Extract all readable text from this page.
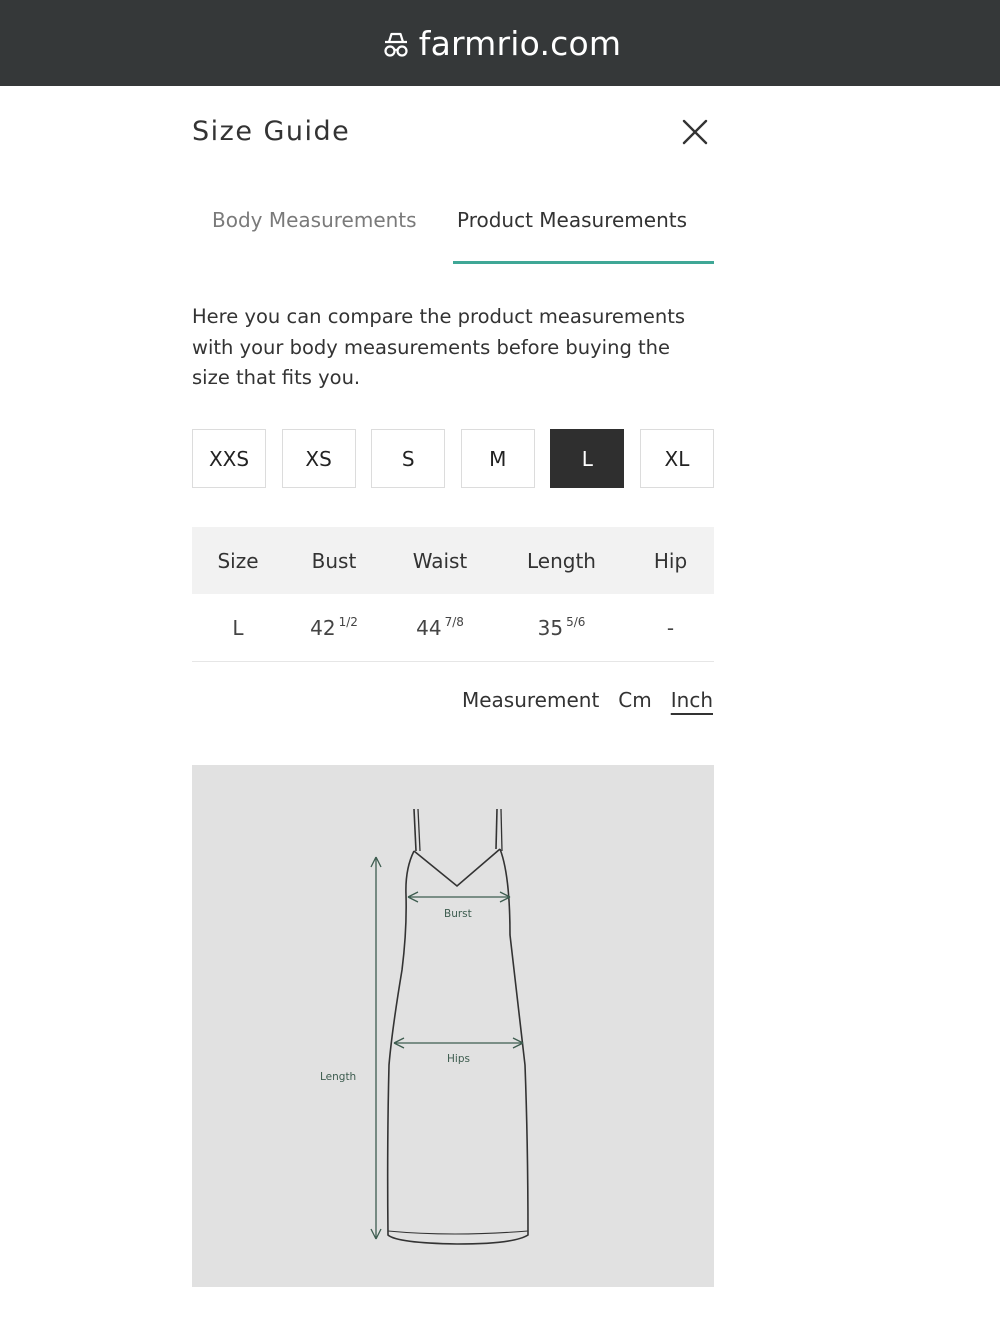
farmrio.com
Size Guide
Body Measurements Product Measurements
Here you can compare the product measurements with your body measurements before buying the size that fits you.
XXS	XS	S	M	L	XL
Size	Bust	Waist	Length	Hip
L	42 $^{1/2}$	44 $^{7/8}$	35 $^{5/6}$	-
Measurement Cm Inch
Burst
Hips
Length
